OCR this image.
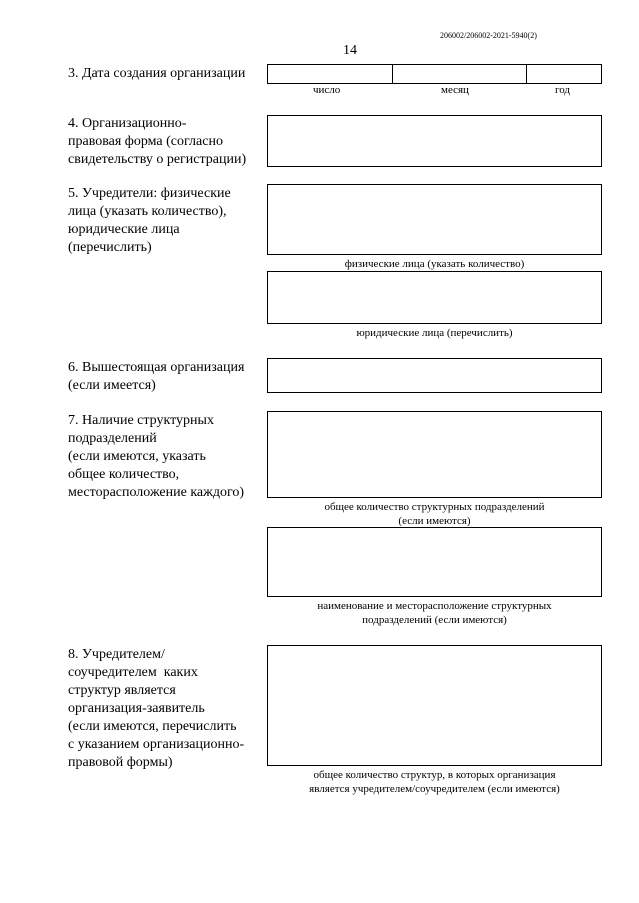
206002/206002-2021-5940(2)
14
3. Дата создания организации
число	месяц	год
4. Организационно-
правовая форма (согласно
свидетельству о регистрации)
5. Учредители: физические
лица (указать количество),
юридические лица
(перечислить)
физические лица (указать количество)
юридические лица (перечислить)
6. Вышестоящая организация
(если имеется)
7. Наличие структурных
подразделений
(если имеются, указать
общее количество,
месторасположение каждого)
общее количество структурных подразделений
(если имеются)
наименование и месторасположение структурных
подразделений (если имеются)
8. Учредителем/
соучредителем  каких
структур является
организация-заявитель
(если имеются, перечислить
с указанием организационно-
правовой формы)
общее количество структур, в которых организация
является учредителем/соучредителем (если имеются)
